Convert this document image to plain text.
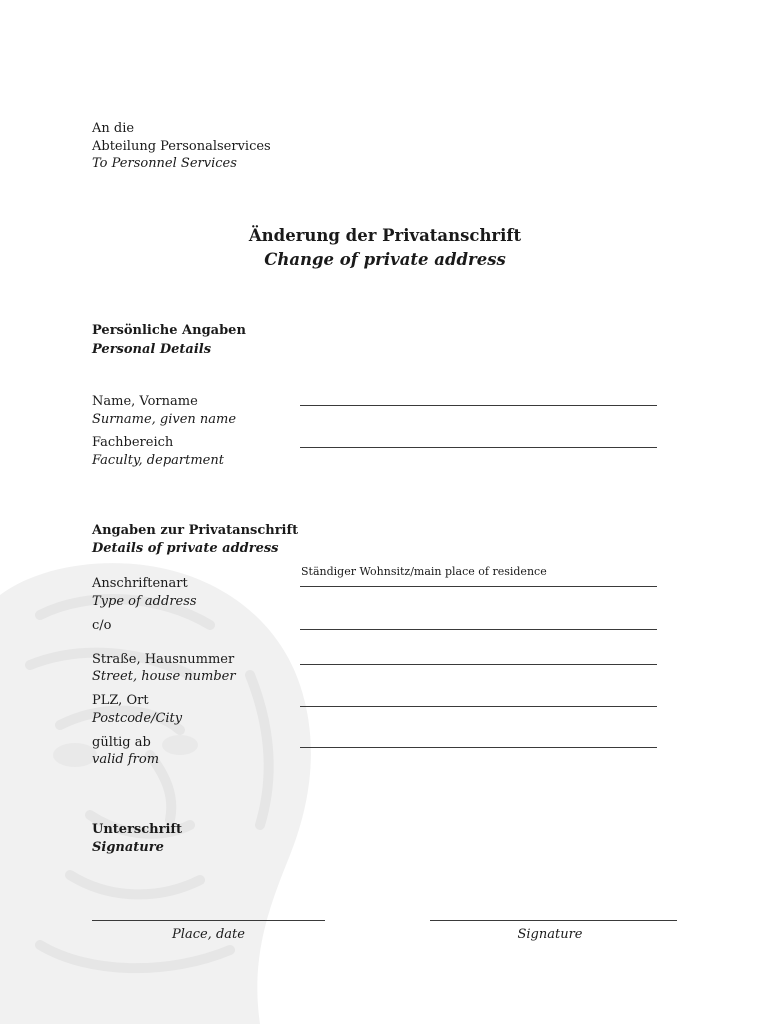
An die
Abteilung Personalservices
To Personnel Services
Änderung der Privatanschrift
Change of private address
Persönliche Angaben
Personal Details
Name, Vorname
Surname, given name
Fachbereich
Faculty, department
Angaben zur Privatanschrift
Details of private address
Ständiger Wohnsitz/main place of residence
Anschriftenart
Type of address
c/o
Straße, Hausnummer
Street, house number
PLZ, Ort
Postcode/City
gültig ab
valid from
Unterschrift
Signature
Place, date	Signature
